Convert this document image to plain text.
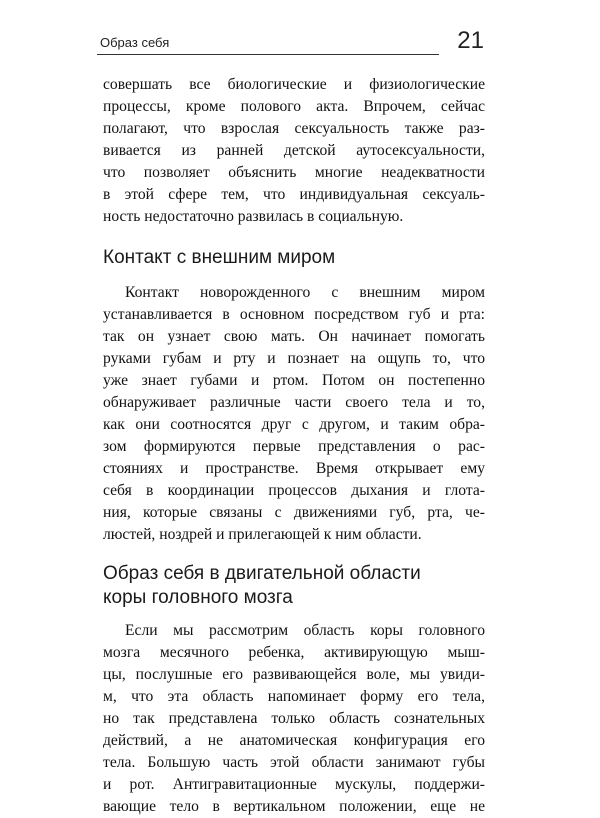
Образ себя	21

совершать все биологические и физиологические
процессы, кроме полового акта. Впрочем, сейчас
полагают, что взрослая сексуальность также раз-
вивается из ранней детской аутосексуальности,
что позволяет объяснить многие неадекватности
в этой сфере тем, что индивидуальная сексуаль-
ность недостаточно развилась в социальную.

Контакт с внешним миром

Контакт новорожденного с внешним миром
устанавливается в основном посредством губ и рта:
так он узнает свою мать. Он начинает помогать
руками губам и рту и познает на ощупь то, что
уже знает губами и ртом. Потом он постепенно
обнаруживает различные части своего тела и то,
как они соотносятся друг с другом, и таким обра-
зом формируются первые представления о рас-
стояниях и пространстве. Время открывает ему
себя в координации процессов дыхания и глота-
ния, которые связаны с движениями губ, рта, че-
люстей, ноздрей и прилегающей к ним области.

Образ себя в двигательной области
коры головного мозга

Если мы рассмотрим область коры головного
мозга месячного ребенка, активирующую мыш-
цы, послушные его развивающейся воле, мы увиди-
м, что эта область напоминает форму его тела,
но так представлена только область сознательных
действий, а не анатомическая конфигурация его
тела. Большую часть этой области занимают губы
и рот. Антигравитационные мускулы, поддержи-
вающие тело в вертикальном положении, еще не
